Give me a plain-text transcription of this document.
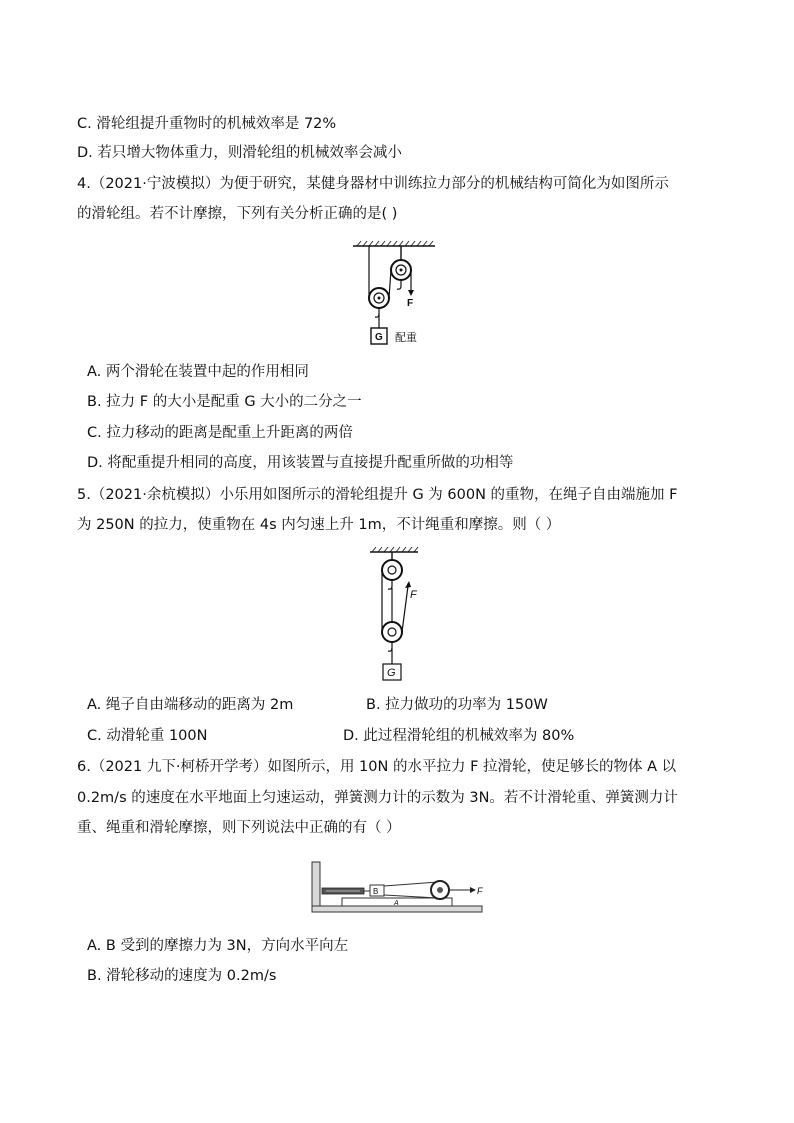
C. 滑轮组提升重物时的机械效率是 72%
D. 若只增大物体重力，则滑轮组的机械效率会减小
4.（2021·宁波模拟）为便于研究，某健身器材中训练拉力部分的机械结构可简化为如图所示
的滑轮组。若不计摩擦，下列有关分析正确的是( )
F
G 配重
A. 两个滑轮在装置中起的作用相同
B. 拉力 F 的大小是配重 G 大小的二分之一
C. 拉力移动的距离是配重上升距离的两倍
D. 将配重提升相同的高度，用该装置与直接提升配重所做的功相等
5.（2021·余杭模拟）小乐用如图所示的滑轮组提升 G 为 600N 的重物，在绳子自由端施加 F
为 250N 的拉力，使重物在 4s 内匀速上升 1m，不计绳重和摩擦。则（ ）
F
G
A. 绳子自由端移动的距离为 2m	B. 拉力做功的功率为 150W
C. 动滑轮重 100N	D. 此过程滑轮组的机械效率为 80%
6.（2021 九下·柯桥开学考）如图所示，用 10N 的水平拉力 F 拉滑轮，使足够长的物体 A 以
0.2m/s 的速度在水平地面上匀速运动，弹簧测力计的示数为 3N。若不计滑轮重、弹簧测力计
重、绳重和滑轮摩擦，则下列说法中正确的有（ ）
A
B	F
A. B 受到的摩擦力为 3N，方向水平向左
B. 滑轮移动的速度为 0.2m/s
